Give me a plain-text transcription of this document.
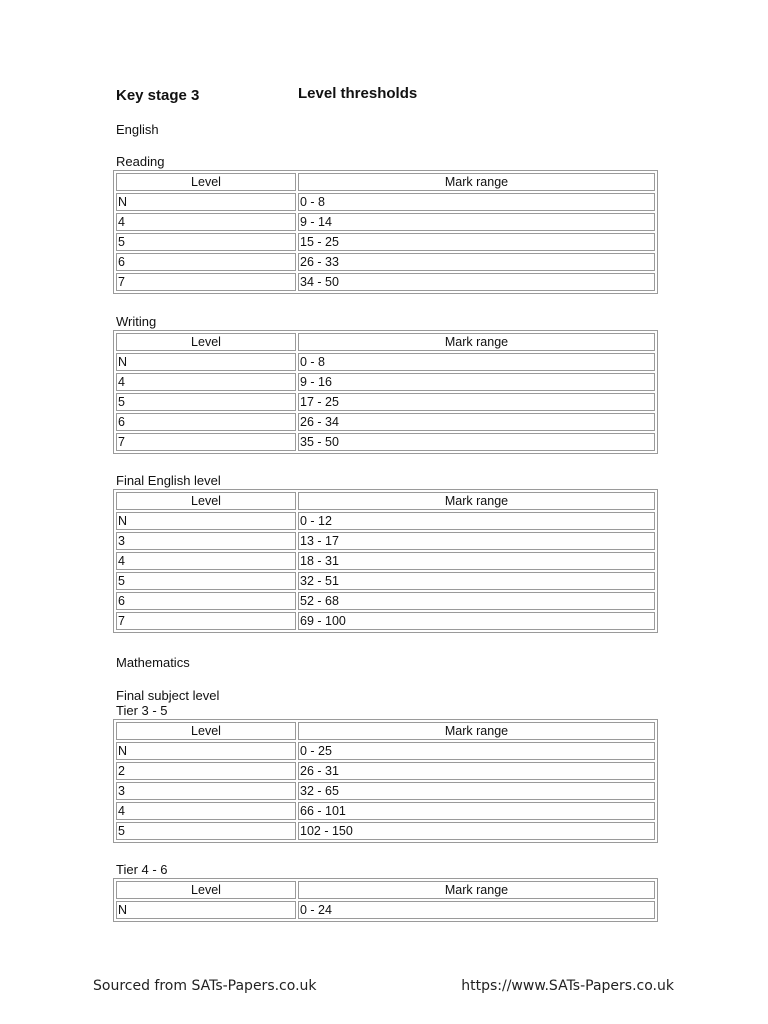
Key stage 3	Level thresholds
English
Reading
Level	Mark range
N	0 - 8
4	9 - 14
5	15 - 25
6	26 - 33
7	34 - 50
Writing
Level	Mark range
N	0 - 8
4	9 - 16
5	17 - 25
6	26 - 34
7	35 - 50
Final English level
Level	Mark range
N	0 - 12
3	13 - 17
4	18 - 31
5	32 - 51
6	52 - 68
7	69 - 100
Mathematics
Final subject level
Tier 3 - 5
Level	Mark range
N	0 - 25
2	26 - 31
3	32 - 65
4	66 - 101
5	102 - 150
Tier 4 - 6
Level	Mark range
N	0 - 24
Sourced from SATs-Papers.co.uk	https://www.SATs-Papers.co.uk
